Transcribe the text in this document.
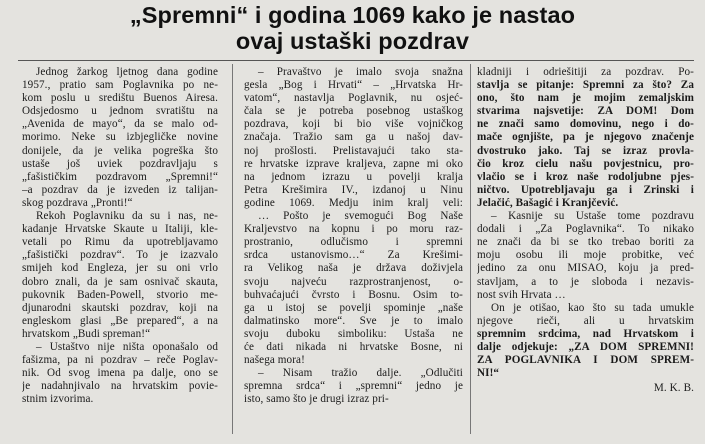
„Spremni“ i godina 1069 kako je nastao
ovaj ustaški pozdrav
Jednog žarkog ljetnog dana godine
1957., pratio sam Poglavnika po ne-
kom poslu u središtu Buenos Airesa.
Odsjedosmo u jednom svratištu na
„Avenida de mayo“, da se malo od-
morimo. Neke su izbjegličke novine
donijele, da je velika pogreška što
ustaše još uviek pozdravljaju s
„fašističkim pozdravom „Spremni!“
–a pozdrav da je izveden iz talijan-
skog pozdrava „Pronti!“
Rekoh Poglavniku da su i nas, ne-
kadanje Hrvatske Skaute u Italiji, kle-
vetali po Rimu da upotrebljavamo
„fašistički pozdrav“. To je izazvalo
smijeh kod Engleza, jer su oni vrlo
dobro znali, da je sam osnivač skauta,
pukovnik Baden-Powell, stvorio me-
djunarodni skautski pozdrav, koji na
engleskom glasi „Be prepared“, a na
hrvatskom „Budi spreman!“
– Ustaštvo nije ništa oponašalo od
fašizma, pa ni pozdrav – reče Poglav-
nik. Od svog imena pa dalje, ono se
je nadahnjivalo na hrvatskim povie-
stnim izvorima.
– Pravaštvo je imalo svoja snažna
gesla „Bog i Hrvati“ – „Hrvatska Hr-
vatom“, nastavlja Poglavnik, nu osjeć-
čala se je potreba posebnog ustaškog
pozdrava, koji bi bio više vojničkog
značaja. Tražio sam ga u našoj dav-
noj prošlosti. Prelistavajući tako sta-
re hrvatske izprave kraljeva, zapne mi oko
na jednom izrazu u povelji kralja
Petra Krešimira IV., izdanoj u Ninu
godine 1069. Medju inim kralj veli:
… Pošto je svemogući Bog Naše
Kraljevstvo na kopnu i po moru raz-
prostranio, odlučismo i spremni
srdca ustanovismo…“ Za Krešimi-
ra Velikog naša je država doživjela
svoju najveću razprostranjenost, o-
buhvaćajući čvrsto i Bosnu. Osim to-
ga u istoj se povelji spominje „naše
dalmatinsko more“. Sve je to imalo
svoju duboku simboliku: Ustaša ne
će dati nikada ni hrvatske Bosne, ni
našega mora!
– Nisam tražio dalje. „Odlučiti
spremna srdca“ i „spremni“ jedno je
isto, samo što je drugi izraz pri-
kladniji i odriešitiji za pozdrav. Po-
stavlja se pitanje: Spremni za što? Za
ono, što nam je mojim zemaljskim
stvarima najsvetije: ZA DOM! Dom
ne znači samo domovinu, nego i do-
mače ognjište, pa je njegovo značenje
dvostruko jako. Taj se izraz provla-
čio kroz cielu našu povjestnicu, pro-
vlačio se i kroz naše rodoljubne pjes-
ničtvo. Upotrebljavaju ga i Zrinski i
Jelačić, Bašagić i Kranjčević.
– Kasnije su Ustaše tome pozdravu
dodali i „Za Poglavnika“. To nikako
ne znači da bi se tko trebao boriti za
moju osobu ili moje probitke, već
jedino za onu MISAO, koju ja pred-
stavljam, a to je sloboda i nezavis-
nost svih Hrvata …
On je otišao, kao što su tada umukle
njegove rieči, ali u hrvatskim
spremnim srdcima, nad Hrvatskom i
dalje odjekuje: „ZA DOM SPREMNI!
ZA POGLAVNIKA I DOM SPREM-
NI!“
M. K. B.
